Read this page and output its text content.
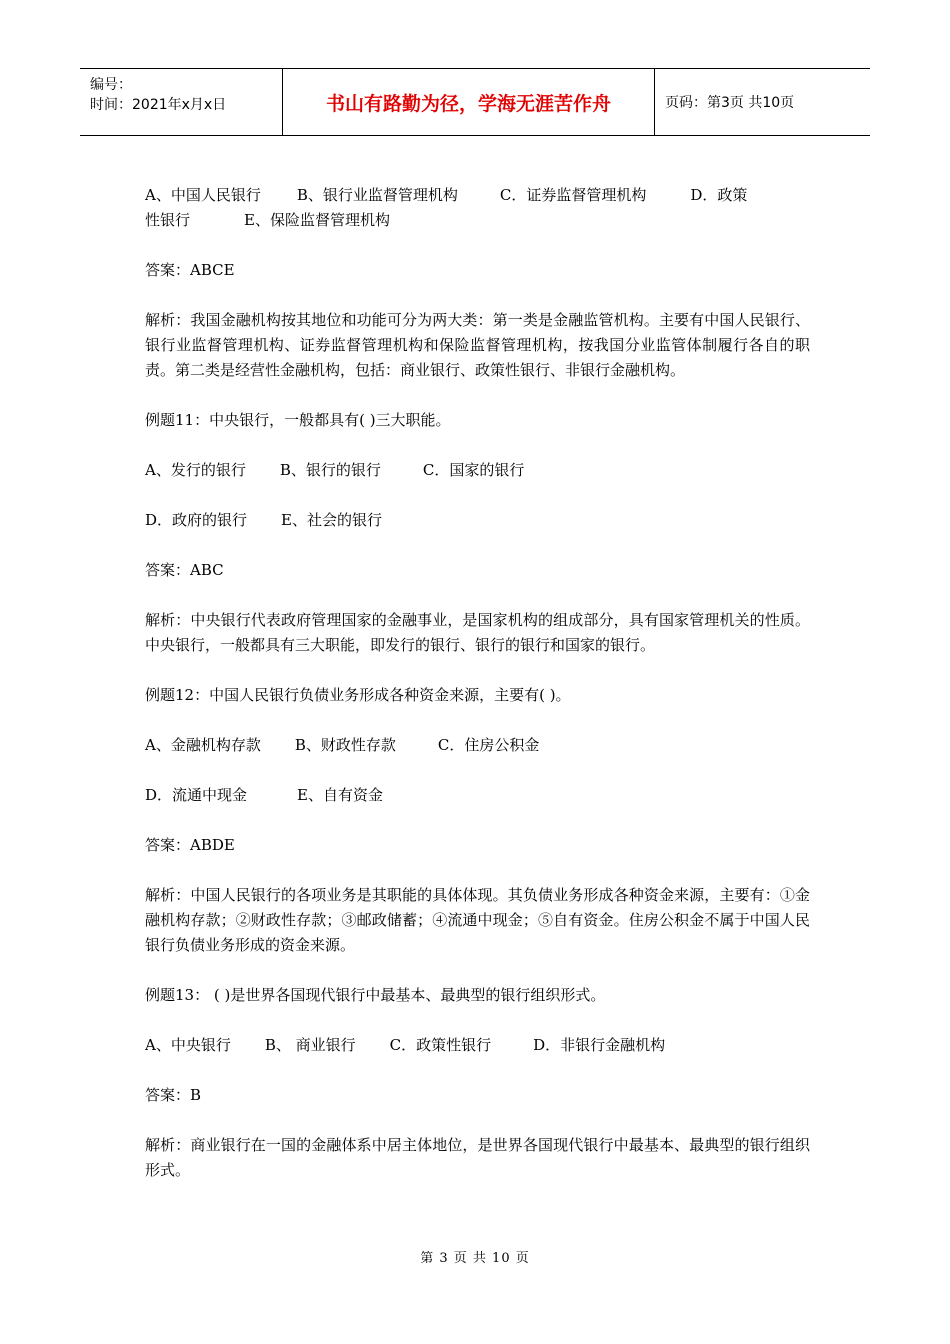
编号：
时间：2021年x月x日	书山有路勤为径，学海无涯苦作舟	页码：第3页 共10页
A、中国人民银行 B、银行业监督管理机构	C．证券监督管理机构	D．政策
性银行	E、保险监督管理机构

答案：ABCE

解析：我国金融机构按其地位和功能可分为两大类：第一类是金融监管机构。主要有中国人民银行、银行业监督管理机构、证券监督管理机构和保险监督管理机构，按我国分业监管体制履行各自的职责。第二类是经营性金融机构，包括：商业银行、政策性银行、非银行金融机构。

例题11：中央银行，一般都具有( )三大职能。

A、发行的银行 B、银行的银行	C．国家的银行
D．政府的银行 E、社会的银行

答案：ABC

解析：中央银行代表政府管理国家的金融事业，是国家机构的组成部分，具有国家管理机关的性质。中央银行，一般都具有三大职能，即发行的银行、银行的银行和国家的银行。

例题12：中国人民银行负债业务形成各种资金来源，主要有( )。

A、金融机构存款 B、财政性存款	C．住房公积金
D．流通中现金	E、自有资金

答案：ABDE

解析：中国人民银行的各项业务是其职能的具体体现。其负债业务形成各种资金来源，主要有：①金融机构存款；②财政性存款；③邮政储蓄；④流通中现金；⑤自有资金。住房公积金不属于中国人民银行负债业务形成的资金来源。

例题13： ( )是世界各国现代银行中最基本、最典型的银行组织形式。

A、中央银行 B、 商业银行 C．政策性银行	D．非银行金融机构

答案：B

解析：商业银行在一国的金融体系中居主体地位，是世界各国现代银行中最基本、最典型的银行组织形式。

第 3 页 共 10 页
